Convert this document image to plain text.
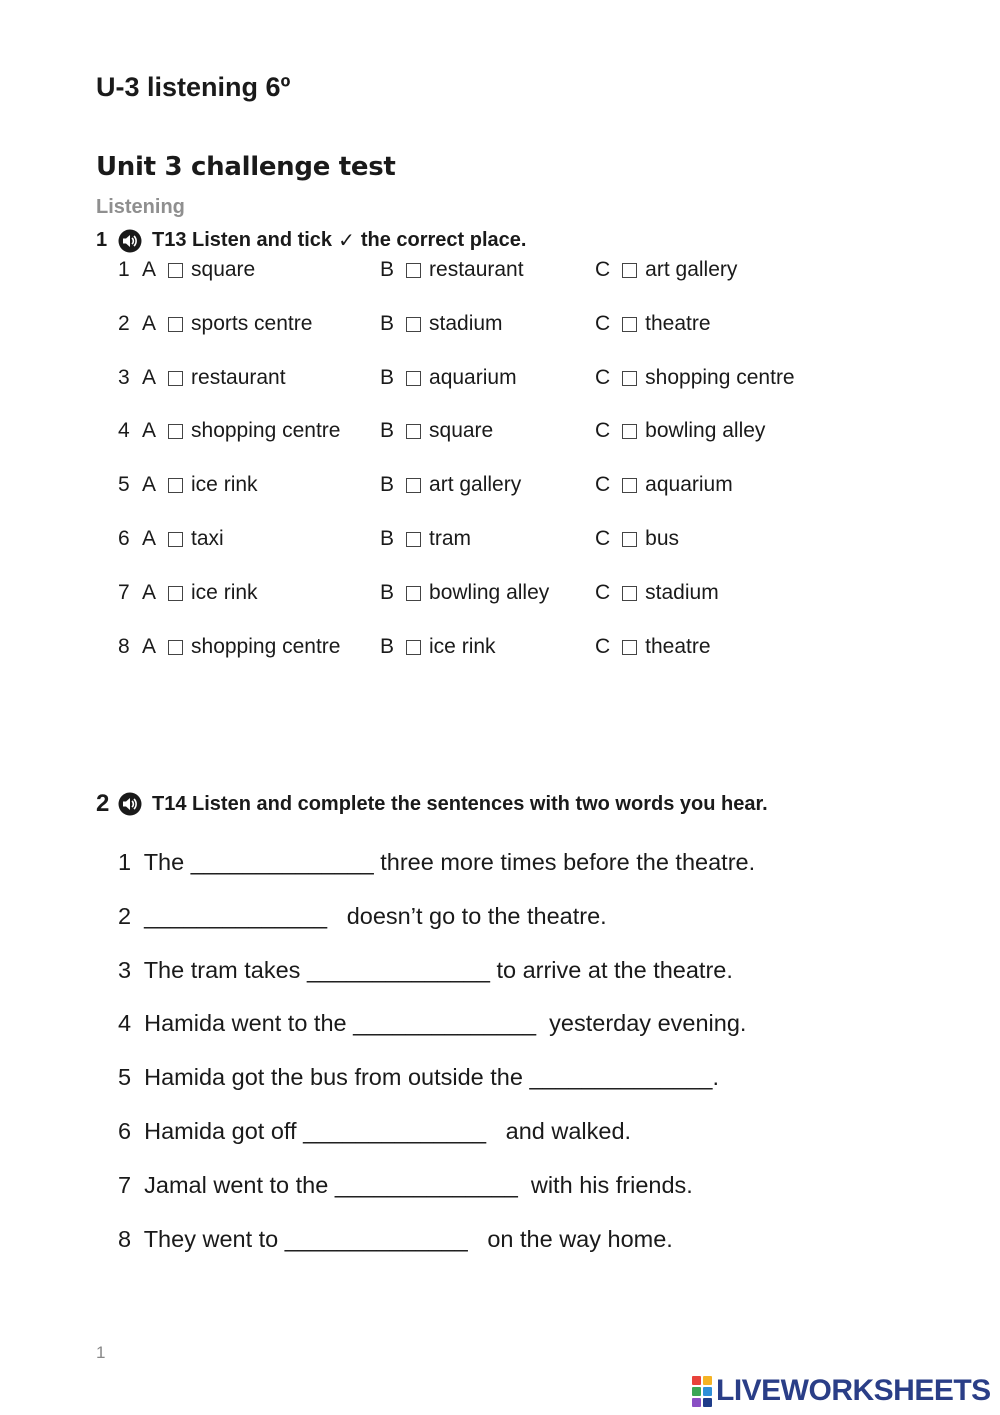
U-3 listening 6º
Unit 3 challenge test
Listening
1	T13 Listen and tick ✓ the correct place.
1 A square	B restaurant	C art gallery
2 A sports centre	B stadium	C theatre
3 A restaurant	B aquarium	C shopping centre
4 A shopping centre B square	C bowling alley
5 A ice rink	B art gallery	C aquarium
6 A taxi	B tram	C bus
7 A ice rink	B bowling alley C stadium
8 A shopping centre B ice rink	C theatre
2	T14 Listen and complete the sentences with two words you hear.
1  The ______________ three more times before the theatre.
2  ______________   doesn’t go to the theatre.
3  The tram takes ______________ to arrive at the theatre.
4  Hamida went to the ______________  yesterday evening.
5  Hamida got the bus from outside the ______________.
6  Hamida got off ______________   and walked.
7  Jamal went to the ______________  with his friends.
8  They went to ______________   on the way home.
1
LIVEWORKSHEETS
